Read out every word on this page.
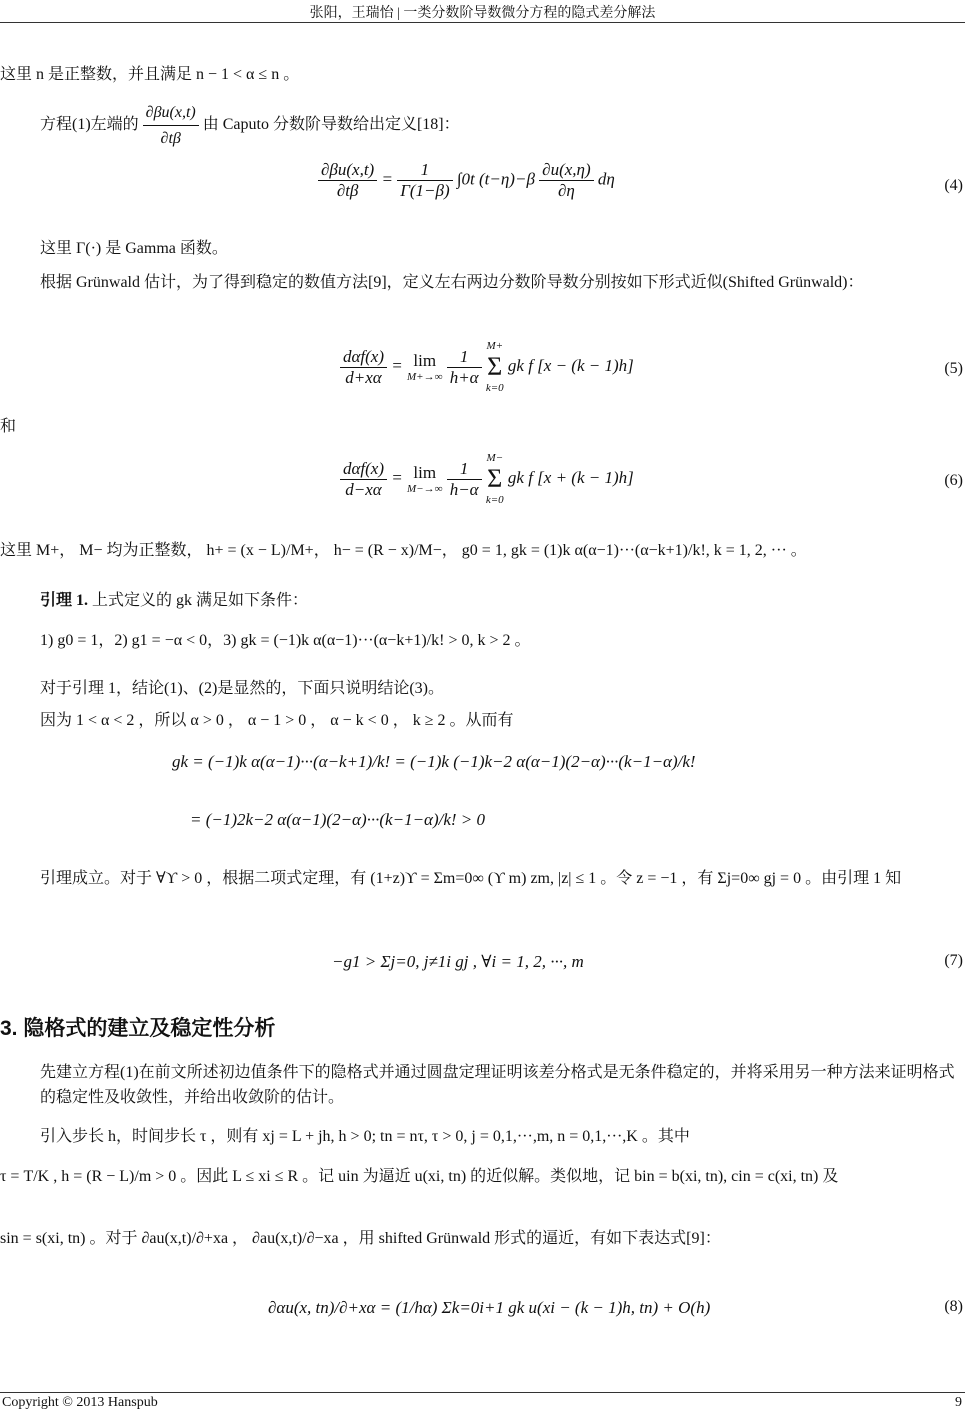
张阳，王瑞怡 | 一类分数阶导数微分方程的隐式差分解法
这里 n 是正整数，并且满足 n − 1 < α ≤ n 。
方程(1)左端的 $\frac{\partial\beta u(x,t)}{\partial t\beta}$ 由 Caputo 分数阶导数给出定义[18]：
$\frac{\partial\beta u(x,t)}{\partial t\beta} = \frac{1}{\Gamma(1-\beta)} \int 0t$ $(t-\eta)-\beta \frac{\partial u(x,\eta)}{\partial\eta}$ dη	(4)
这里 Γ(·) 是 Gamma 函数。
根据 Grünwald 估计，为了得到稳定的数值方法[9]，定义左右两边分数阶导数分别按如下形式近似(Shifted Grünwald)：
$\frac{\text{dαf(x)}}{d+x\alpha} = \lim$
M+→∞
$\frac{1}{h+\alpha}$

M+
Σ
k=0
gk f [x − (k − 1)h]	(5)
和
$\frac{\text{dαf(x)}}{d-x\alpha} = \lim$
M−→∞
$\frac{1}{h-\alpha}$

M−
Σ
k=0
gk f [x + (k − 1)h]	(6)
这里 M+， M− 均为正整数， h+ = (x − L)/M+， h− = (R − x)/M−， g0 = 1, gk = (1)k α(α−1)···(α−k+1)/k!, k = 1, 2, ··· 。
引理 1. 上式定义的 gk 满足如下条件：
1) g0 = 1，2) g1 = −α < 0，3) gk = (−1)k α(α−1)···(α−k+1)/k! > 0, k > 2 。
对于引理 1，结论(1)、(2)是显然的，下面只说明结论(3)。
因为 1 < α < 2 ，所以 α > 0 ， α − 1 > 0 ， α − k < 0 ， k ≥ 2 。从而有
gk = (−1)k α(α−1)···(α−k+1)/k! = (−1)k (−1)k−2 α(α−1)(2−α)···(k−1−α)/k!
= (−1)2k−2 α(α−1)(2−α)···(k−1−α)/k! > 0
引理成立。对于 ∀ϒ > 0 ，根据二项式定理，有 (1+z)ϒ = Σm=0∞ (ϒ m) zm, |z| ≤ 1 。令 z = −1 ，有 Σj=0∞ gj = 0 。由引理 1 知
−g1 > Σj=0, j≠1i gj , ∀i = 1, 2, ···, m	(7)
3. 隐格式的建立及稳定性分析
先建立方程(1)在前文所述初边值条件下的隐格式并通过圆盘定理证明该差分格式是无条件稳定的，并将采用另一种方法来证明格式的稳定性及收敛性，并给出收敛阶的估计。
引入步长 h，时间步长 τ ，则有 xj = L + jh, h > 0; tn = nτ, τ > 0, j = 0,1,···,m, n = 0,1,···,K 。其中
τ = T/K , h = (R − L)/m > 0 。因此 L ≤ xi ≤ R 。记 uin 为逼近 u(xi, tn) 的近似解。类似地，记 bin = b(xi, tn), cin = c(xi, tn) 及
sin = s(xi, tn) 。对于 ∂au(x,t)/∂+xa ， ∂au(x,t)/∂−xa ，用 shifted Grünwald 形式的逼近，有如下表达式[9]：
∂αu(x, tn)/∂+xα = (1/hα) Σk=0i+1 gk u(xi − (k − 1)h, tn) + O(h)	(8)
Copyright © 2013 Hanspub	9
